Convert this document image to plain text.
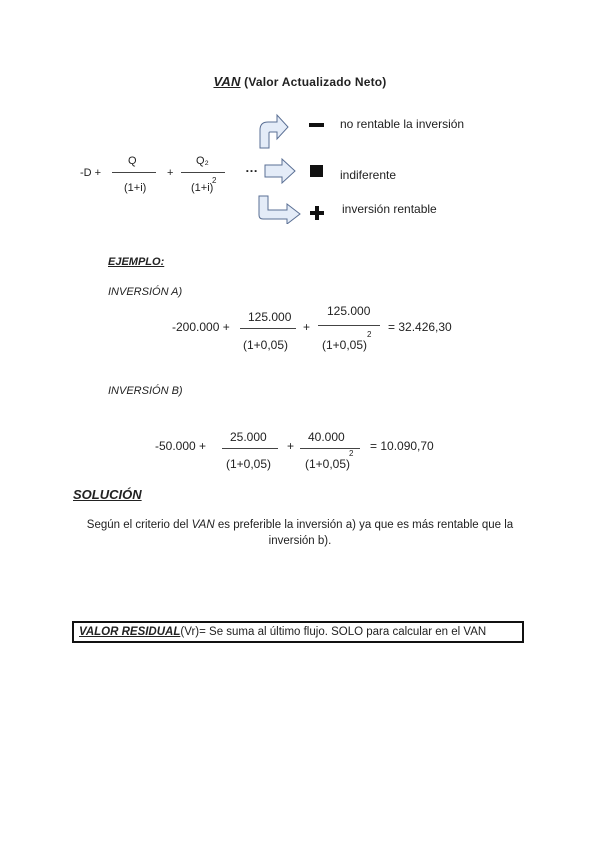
VAN (Valor Actualizado Neto)
-D +
Q
(1+i)
+
Q₂
(1+i)
2
…
no rentable la inversión
indiferente
inversión rentable
EJEMPLO:
INVERSIÓN A)
-200.000 +
125.000
(1+0,05)
+
125.000
(1+0,05)
2
= 32.426,30
INVERSIÓN B)
-50.000 +
25.000
(1+0,05)
+
40.000
(1+0,05)
2
= 10.090,70
SOLUCIÓN
Según el criterio del VAN es preferible la inversión a) ya que es más rentable que la inversión b).
VALOR RESIDUAL (Vr)= Se suma al último flujo. SOLO para calcular en el VAN
